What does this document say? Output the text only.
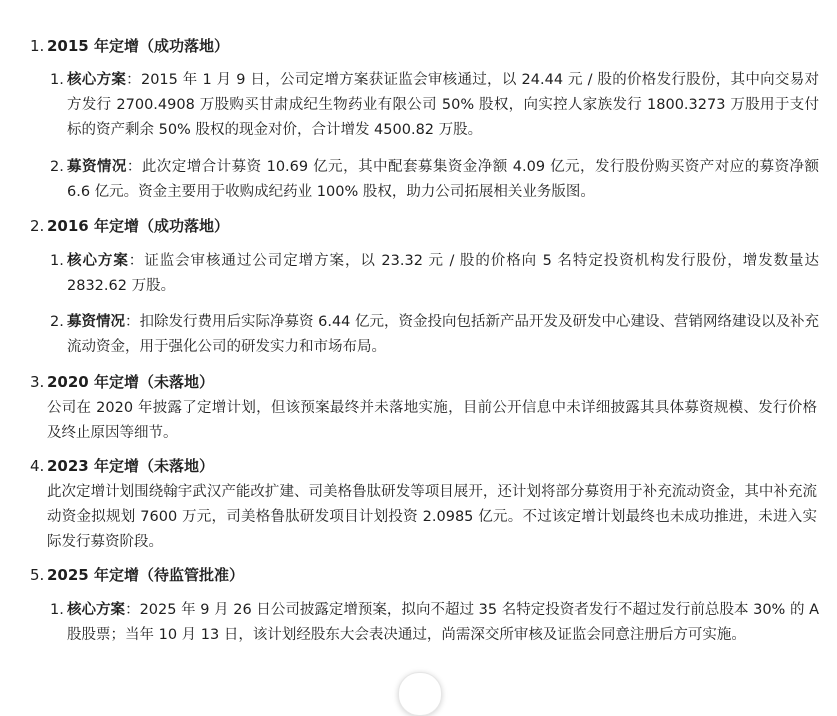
1. 2015 年定增（成功落地）
1. 核心方案：2015 年 1 月 9 日，公司定增方案获证监会审核通过，以 24.44 元 / 股的价格发行股份，其中向交易对方发行 2700.4908 万股购买甘肃成纪生物药业有限公司 50% 股权，向实控人家族发行 1800.3273 万股用于支付标的资产剩余 50% 股权的现金对价，合计增发 4500.82 万股。
2. 募资情况：此次定增合计募资 10.69 亿元，其中配套募集资金净额 4.09 亿元，发行股份购买资产对应的募资净额 6.6 亿元。资金主要用于收购成纪药业 100% 股权，助力公司拓展相关业务版图。
2. 2016 年定增（成功落地）
1. 核心方案：证监会审核通过公司定增方案，以 23.32 元 / 股的价格向 5 名特定投资机构发行股份，增发数量达 2832.62 万股。
2. 募资情况：扣除发行费用后实际净募资 6.44 亿元，资金投向包括新产品开发及研发中心建设、营销网络建设以及补充流动资金，用于强化公司的研发实力和市场布局。
3. 2020 年定增（未落地）
公司在 2020 年披露了定增计划，但该预案最终并未落地实施，目前公开信息中未详细披露其具体募资规模、发行价格及终止原因等细节。
4. 2023 年定增（未落地）
此次定增计划围绕翰宇武汉产能改扩建、司美格鲁肽研发等项目展开，还计划将部分募资用于补充流动资金，其中补充流动资金拟规划 7600 万元，司美格鲁肽研发项目计划投资 2.0985 亿元。不过该定增计划最终也未成功推进，未进入实际发行募资阶段。
5. 2025 年定增（待监管批准）
1. 核心方案：2025 年 9 月 26 日公司披露定增预案，拟向不超过 35 名特定投资者发行不超过发行前总股本 30% 的 A 股股票；当年 10 月 13 日，该计划经股东大会表决通过，尚需深交所审核及证监会同意注册后方可实施。
